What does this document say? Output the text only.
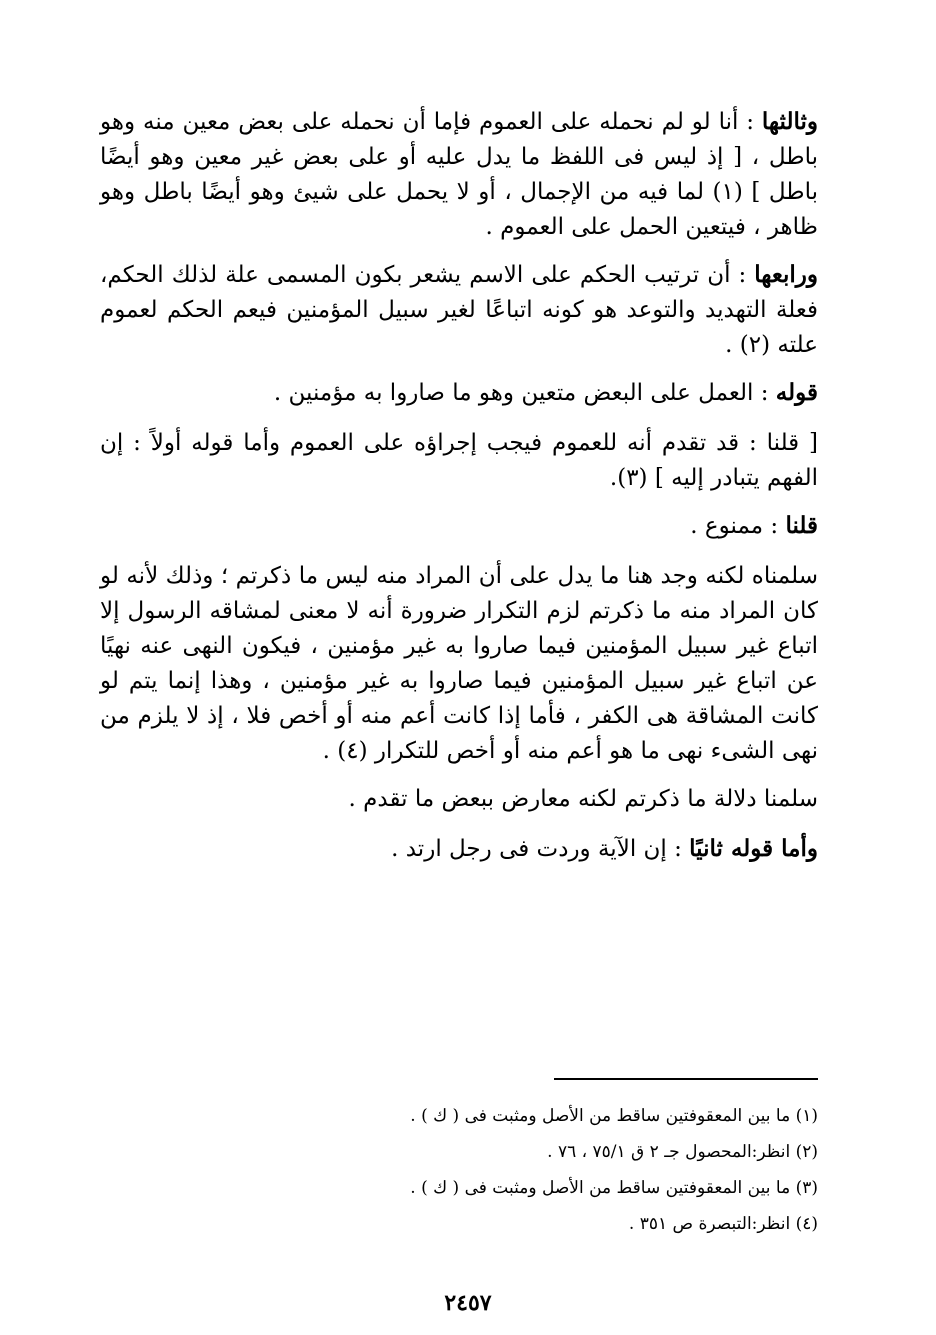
وثالثها : أنا لو لم نحمله على العموم فإما أن نحمله على بعض معين منه وهو باطل ، [ إذ ليس فى اللفظ ما يدل عليه أو على بعض غير معين وهو أيضًا باطل ] (١) لما فيه من الإجمال ، أو لا يحمل على شيئ وهو أيضًا باطل وهو ظاهر ، فيتعين الحمل على العموم .

ورابعها : أن ترتيب الحكم على الاسم يشعر بكون المسمى علة لذلك الحكم، فعلة التهديد والتوعد هو كونه اتباعًا لغير سبيل المؤمنين فيعم الحكم لعموم علته (٢) .

قوله : العمل على البعض متعين وهو ما صاروا به مؤمنين .

[ قلنا : قد تقدم أنه للعموم فيجب إجراؤه على العموم وأما قوله أولاً : إن الفهم يتبادر إليه ] (٣).

قلنا : ممنوع .

سلمناه لكنه وجد هنا ما يدل على أن المراد منه ليس ما ذكرتم ؛ وذلك لأنه لو كان المراد منه ما ذكرتم لزم التكرار ضرورة أنه لا معنى لمشاقه الرسول إلا اتباع غير سبيل المؤمنين فيما صاروا به غير مؤمنين ، فيكون النهى عنه نهيًا عن اتباع غير سبيل المؤمنين فيما صاروا به غير مؤمنين ، وهذا إنما يتم لو كانت المشاقة هى الكفر ، فأما إذا كانت أعم منه أو أخص فلا ، إذ لا يلزم من نهى الشىء نهى ما هو أعم منه أو أخص للتكرار (٤) .

سلمنا دلالة ما ذكرتم لكنه معارض ببعض ما تقدم .

وأما قوله ثانيًا : إن الآية وردت فى رجل ارتد .

(١) ما بين المعقوفتين ساقط من الأصل ومثبت فى ( ك ) .

(٢) انظر:المحصول جـ ٢ ق ٧٥/١ ، ٧٦ .

(٣) ما بين المعقوفتين ساقط من الأصل ومثبت فى ( ك ) .

(٤) انظر:التبصرة ص ٣٥١ .

٢٤٥٧
